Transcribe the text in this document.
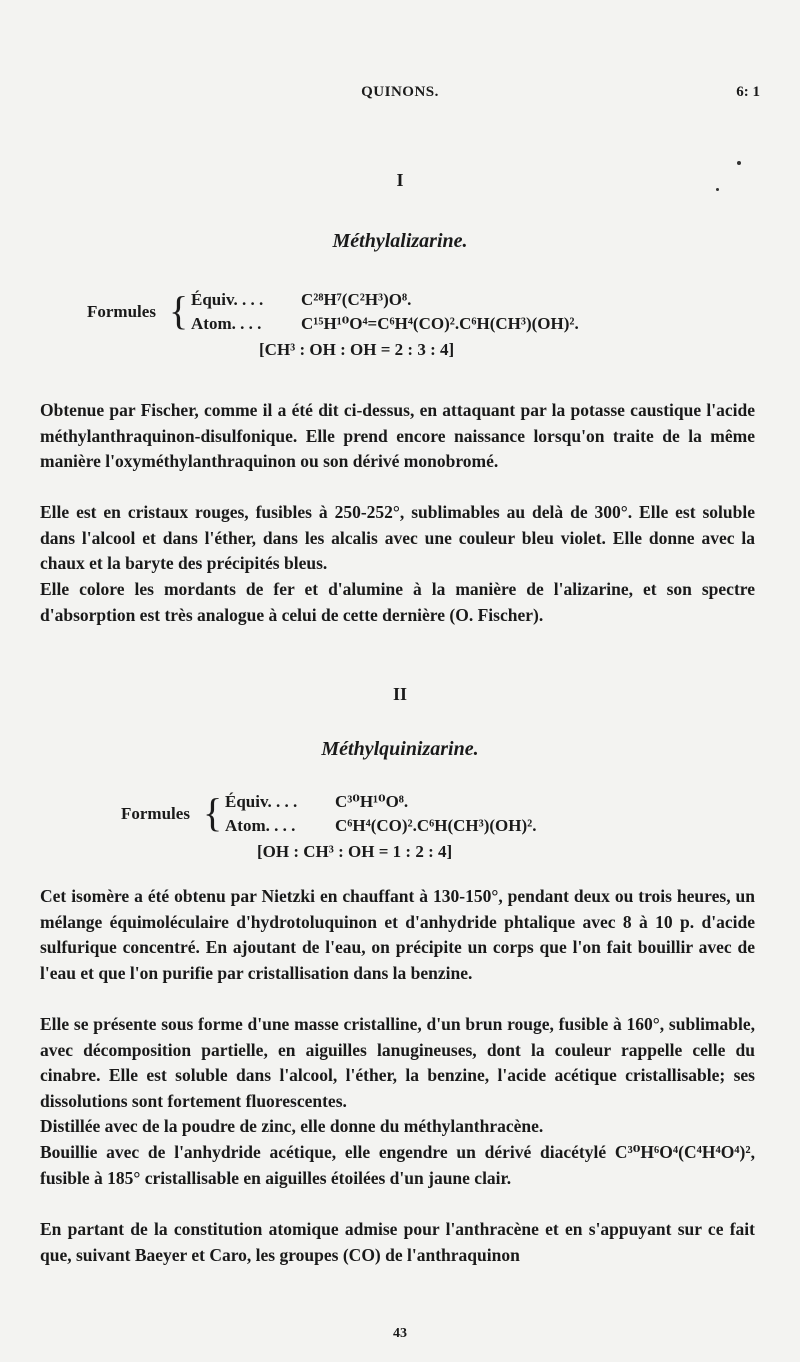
QUINONS.	6: 1
I
Méthylalizarine.
Formules { Équiv. . . . C²⁸H⁷(C²H³)O⁸.
Atom. . . . C¹⁵H¹⁰O⁴=C⁶H⁴(CO)².C⁶H(CH³)(OH)².
[CH³ : OH : OH = 2 : 3 : 4]
Obtenue par Fischer, comme il a été dit ci-dessus, en attaquant par la potasse caustique l'acide méthylanthraquinon-disulfonique. Elle prend encore naissance lorsqu'on traite de la même manière l'oxyméthylanthraquinon ou son dérivé monobromé.
Elle est en cristaux rouges, fusibles à 250-252°, sublimables au delà de 300°. Elle est soluble dans l'alcool et dans l'éther, dans les alcalis avec une couleur bleu violet. Elle donne avec la chaux et la baryte des précipités bleus.
Elle colore les mordants de fer et d'alumine à la manière de l'alizarine, et son spectre d'absorption est très analogue à celui de cette dernière (O. Fischer).
II
Méthylquinizarine.
Formules { Équiv. . . . C³⁰H¹⁰O⁸.
Atom. . . . C⁶H⁴(CO)².C⁶H(CH³)(OH)².
[OH : CH³ : OH = 1 : 2 : 4]
Cet isomère a été obtenu par Nietzki en chauffant à 130-150°, pendant deux ou trois heures, un mélange équimoléculaire d'hydrotoluquinon et d'anhydride phtalique avec 8 à 10 p. d'acide sulfurique concentré. En ajoutant de l'eau, on précipite un corps que l'on fait bouillir avec de l'eau et que l'on purifie par cristallisation dans la benzine.
Elle se présente sous forme d'une masse cristalline, d'un brun rouge, fusible à 160°, sublimable, avec décomposition partielle, en aiguilles lanugineuses, dont la couleur rappelle celle du cinabre. Elle est soluble dans l'alcool, l'éther, la benzine, l'acide acétique cristallisable; ses dissolutions sont fortement fluorescentes.
Distillée avec de la poudre de zinc, elle donne du méthylanthracène.
Bouillie avec de l'anhydride acétique, elle engendre un dérivé diacétylé C³⁰H⁶O⁴(C⁴H⁴O⁴)², fusible à 185° cristallisable en aiguilles étoilées d'un jaune clair.
En partant de la constitution atomique admise pour l'anthracène et en s'appuyant sur ce fait que, suivant Baeyer et Caro, les groupes (CO) de l'anthraquinon
43
